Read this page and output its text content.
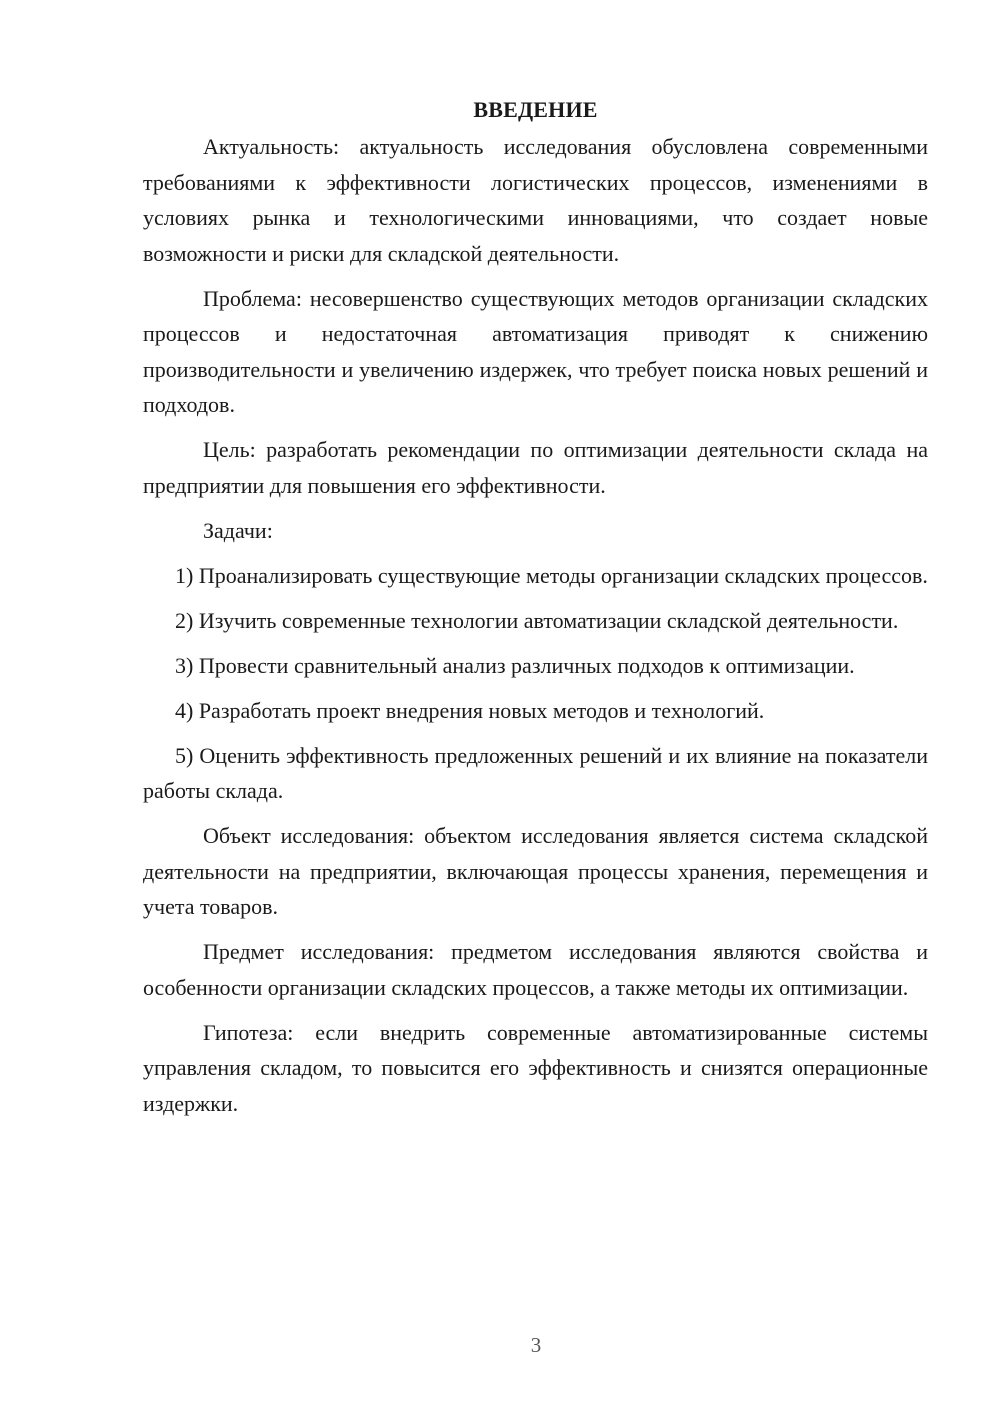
ВВЕДЕНИЕ

Актуальность: актуальность исследования обусловлена современными требованиями к эффективности логистических процессов, изменениями в условиях рынка и технологическими инновациями, что создает новые возможности и риски для складской деятельности.

Проблема: несовершенство существующих методов организации складских процессов и недостаточная автоматизация приводят к снижению производительности и увеличению издержек, что требует поиска новых решений и подходов.

Цель: разработать рекомендации по оптимизации деятельности склада на предприятии для повышения его эффективности.

Задачи:

1) Проанализировать существующие методы организации складских процессов.

2) Изучить современные технологии автоматизации складской деятельности.

3) Провести сравнительный анализ различных подходов к оптимизации.

4) Разработать проект внедрения новых методов и технологий.

5) Оценить эффективность предложенных решений и их влияние на показатели работы склада.

Объект исследования: объектом исследования является система складской деятельности на предприятии, включающая процессы хранения, перемещения и учета товаров.

Предмет исследования: предметом исследования являются свойства и особенности организации складских процессов, а также методы их оптимизации.

Гипотеза: если внедрить современные автоматизированные системы управления складом, то повысится его эффективность и снизятся операционные издержки.

3
